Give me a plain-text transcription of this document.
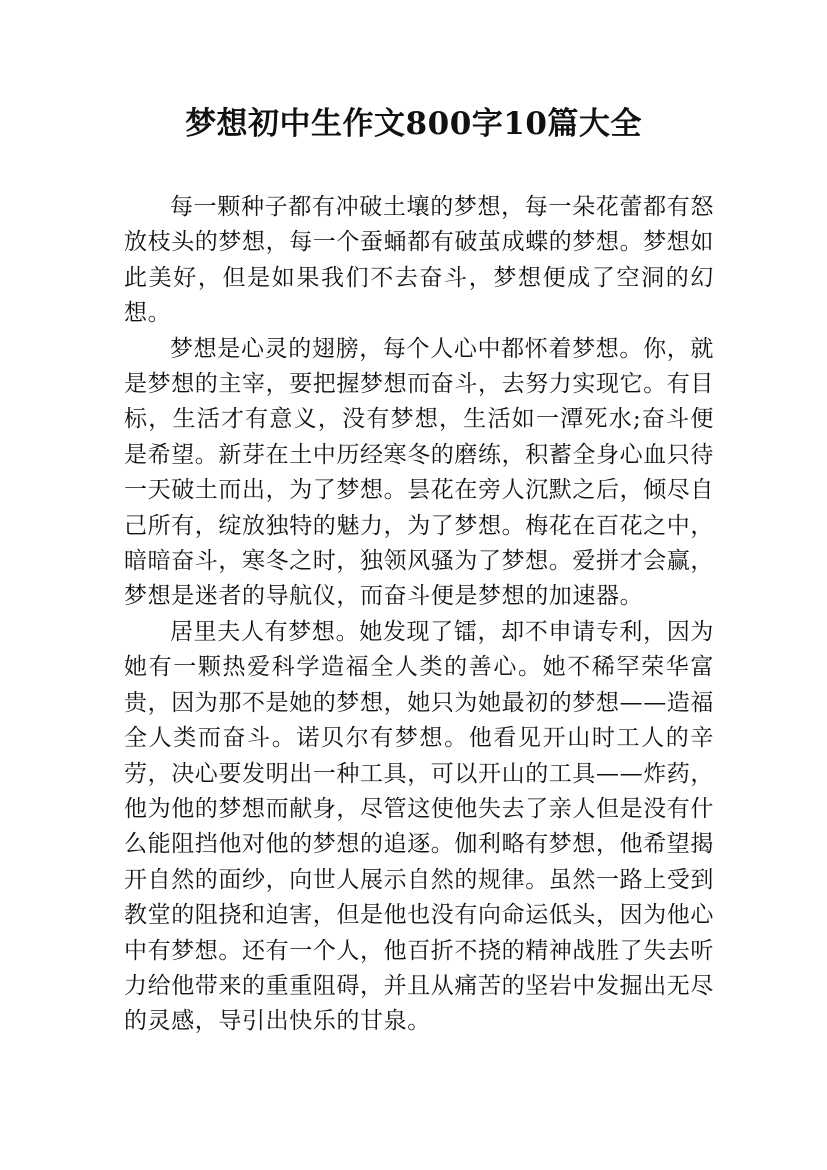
梦想初中生作文800字10篇大全

每一颗种子都有冲破土壤的梦想，每一朵花蕾都有怒放枝头的梦想，每一个蚕蛹都有破茧成蝶的梦想。梦想如此美好，但是如果我们不去奋斗，梦想便成了空洞的幻想。

梦想是心灵的翅膀，每个人心中都怀着梦想。你，就是梦想的主宰，要把握梦想而奋斗，去努力实现它。有目标，生活才有意义，没有梦想，生活如一潭死水;奋斗便是希望。新芽在土中历经寒冬的磨练，积蓄全身心血只待一天破土而出，为了梦想。昙花在旁人沉默之后，倾尽自己所有，绽放独特的魅力，为了梦想。梅花在百花之中，暗暗奋斗，寒冬之时，独领风骚为了梦想。爱拼才会赢，梦想是迷者的导航仪，而奋斗便是梦想的加速器。

居里夫人有梦想。她发现了镭，却不申请专利，因为她有一颗热爱科学造福全人类的善心。她不稀罕荣华富贵，因为那不是她的梦想，她只为她最初的梦想——造福全人类而奋斗。诺贝尔有梦想。他看见开山时工人的辛劳，决心要发明出一种工具，可以开山的工具——炸药，他为他的梦想而献身，尽管这使他失去了亲人但是没有什么能阻挡他对他的梦想的追逐。伽利略有梦想，他希望揭开自然的面纱，向世人展示自然的规律。虽然一路上受到教堂的阻挠和迫害，但是他也没有向命运低头，因为他心中有梦想。还有一个人，他百折不挠的精神战胜了失去听力给他带来的重重阻碍，并且从痛苦的坚岩中发掘出无尽的灵感，导引出快乐的甘泉。
